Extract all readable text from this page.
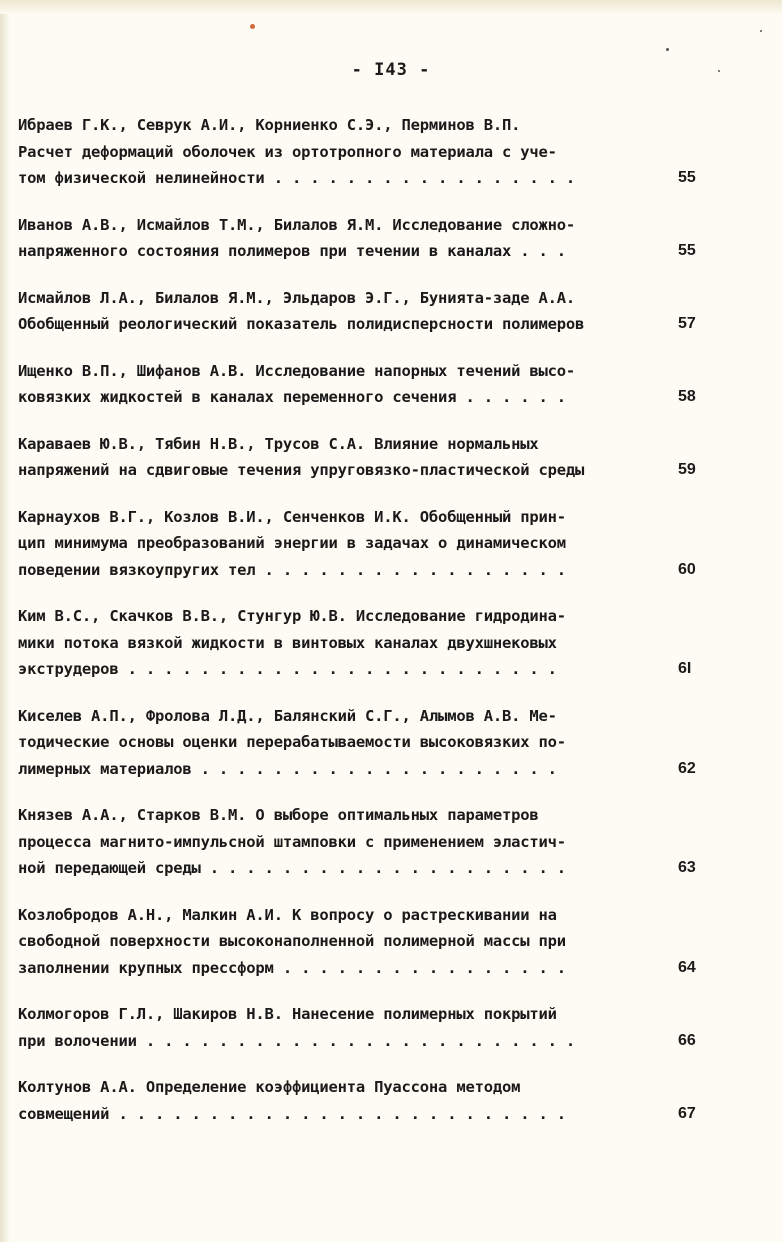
- I43 -
Ибраев Г.К., Севрук А.И., Корниенко С.Э., Перминов В.П.
Расчет деформаций оболочек из ортотропного материала с уче-
том физической нелинейности . . . . . . . . . . . . . . . . .	55
Иванов А.В., Исмайлов Т.М., Билалов Я.М. Исследование сложно-
напряженного состояния полимеров при течении в каналах . . .	55
Исмайлов Л.А., Билалов Я.М., Эльдаров Э.Г., Бунията-заде А.А.
Обобщенный реологический показатель полидисперсности полимеров	57
Ищенко В.П., Шифанов А.В. Исследование напорных течений высо-
ковязких жидкостей в каналах переменного сечения . . . . . .	58
Караваев Ю.В., Тябин Н.В., Трусов С.А. Влияние нормальных
напряжений на сдвиговые течения упруговязко-пластической среды	59
Карнаухов В.Г., Козлов В.И., Сенченков И.К. Обобщенный прин-
цип минимума преобразований энергии в задачах о динамическом
поведении вязкоупругих тел . . . . . . . . . . . . . . . . .	60
Ким В.С., Скачков В.В., Стунгур Ю.В. Исследование гидродина-
мики потока вязкой жидкости в винтовых каналах двухшнековых
экструдеров . . . . . . . . . . . . . . . . . . . . . . . .	6I
Киселев А.П., Фролова Л.Д., Балянский С.Г., Алымов А.В. Ме-
тодические основы оценки перерабатываемости высоковязких по-
лимерных материалов . . . . . . . . . . . . . . . . . . . .	62
Князев А.А., Старков В.М. О выборе оптимальных параметров
процесса магнито-импульсной штамповки с применением эластич-
ной передающей среды . . . . . . . . . . . . . . . . . . . .	63
Козлобродов А.Н., Малкин А.И. К вопросу о растрескивании на
свободной поверхности высоконаполненной полимерной массы при
заполнении крупных прессформ . . . . . . . . . . . . . . . .	64
Колмогоров Г.Л., Шакиров Н.В. Нанесение полимерных покрытий
при волочении . . . . . . . . . . . . . . . . . . . . . . . .	66
Колтунов А.А. Определение коэффициента Пуассона методом
совмещений . . . . . . . . . . . . . . . . . . . . . . . . .	67
